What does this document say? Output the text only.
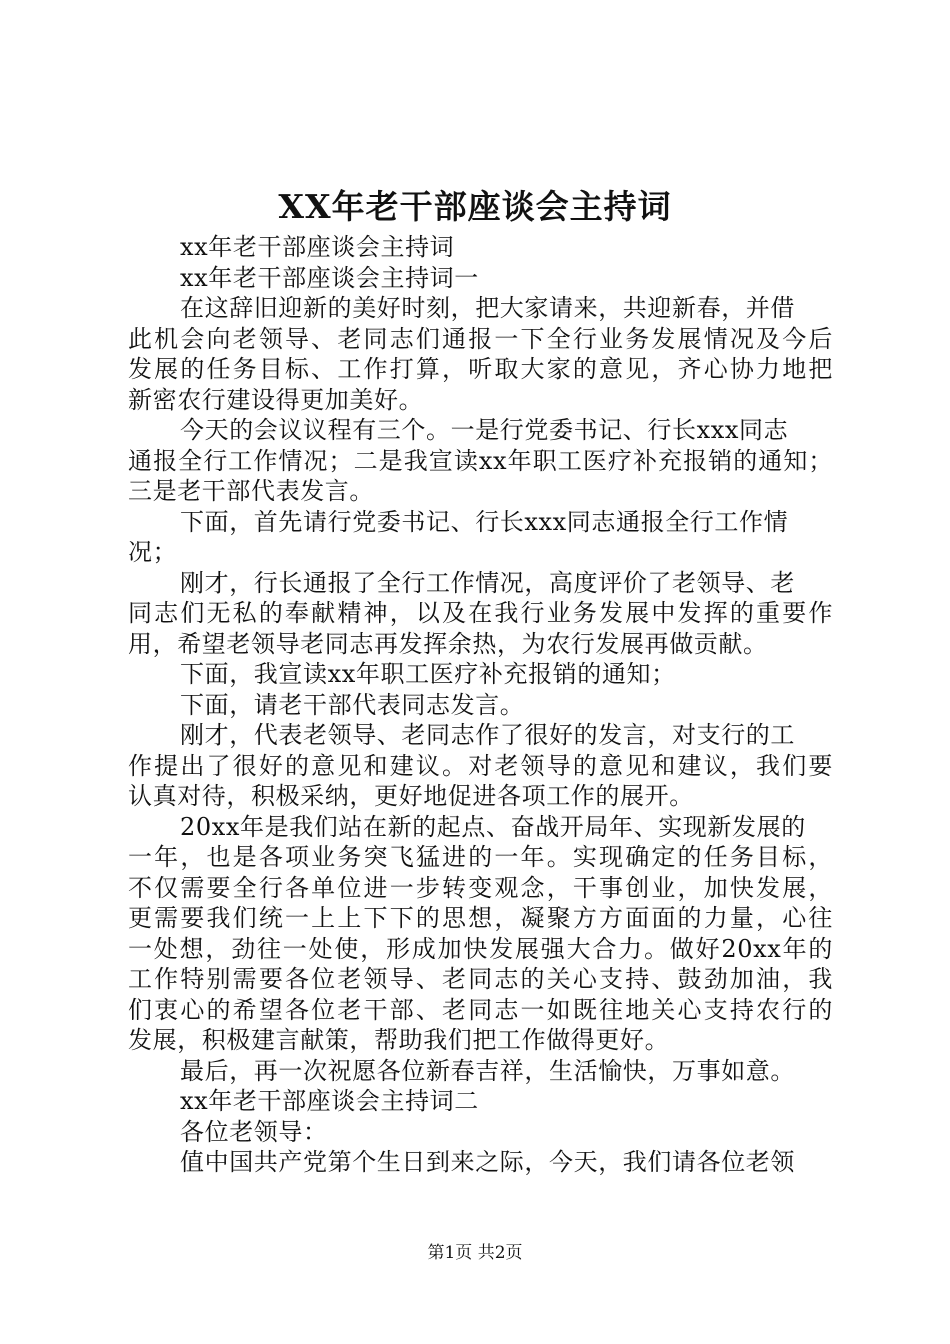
XX年老干部座谈会主持词
xx年老干部座谈会主持词
xx年老干部座谈会主持词一
在这辞旧迎新的美好时刻，把大家请来，共迎新春，并借
此机会向老领导、老同志们通报一下全行业务发展情况及今后
发展的任务目标、工作打算，听取大家的意见，齐心协力地把
新密农行建设得更加美好。
今天的会议议程有三个。一是行党委书记、行长xxx同志
通报全行工作情况；二是我宣读xx年职工医疗补充报销的通知；
三是老干部代表发言。
下面，首先请行党委书记、行长xxx同志通报全行工作情
况；
刚才，行长通报了全行工作情况，高度评价了老领导、老
同志们无私的奉献精神，以及在我行业务发展中发挥的重要作
用，希望老领导老同志再发挥余热，为农行发展再做贡献。
下面，我宣读xx年职工医疗补充报销的通知；
下面，请老干部代表同志发言。
刚才，代表老领导、老同志作了很好的发言，对支行的工
作提出了很好的意见和建议。对老领导的意见和建议，我们要
认真对待，积极采纳，更好地促进各项工作的展开。
20xx年是我们站在新的起点、奋战开局年、实现新发展的
一年，也是各项业务突飞猛进的一年。实现确定的任务目标，
不仅需要全行各单位进一步转变观念，干事创业，加快发展，
更需要我们统一上上下下的思想，凝聚方方面面的力量，心往
一处想，劲往一处使，形成加快发展强大合力。做好20xx年的
工作特别需要各位老领导、老同志的关心支持、鼓劲加油，我
们衷心的希望各位老干部、老同志一如既往地关心支持农行的
发展，积极建言献策，帮助我们把工作做得更好。
最后，再一次祝愿各位新春吉祥，生活愉快，万事如意。
xx年老干部座谈会主持词二
各位老领导：
值中国共产党第个生日到来之际，今天，我们请各位老领
第1页 共2页
